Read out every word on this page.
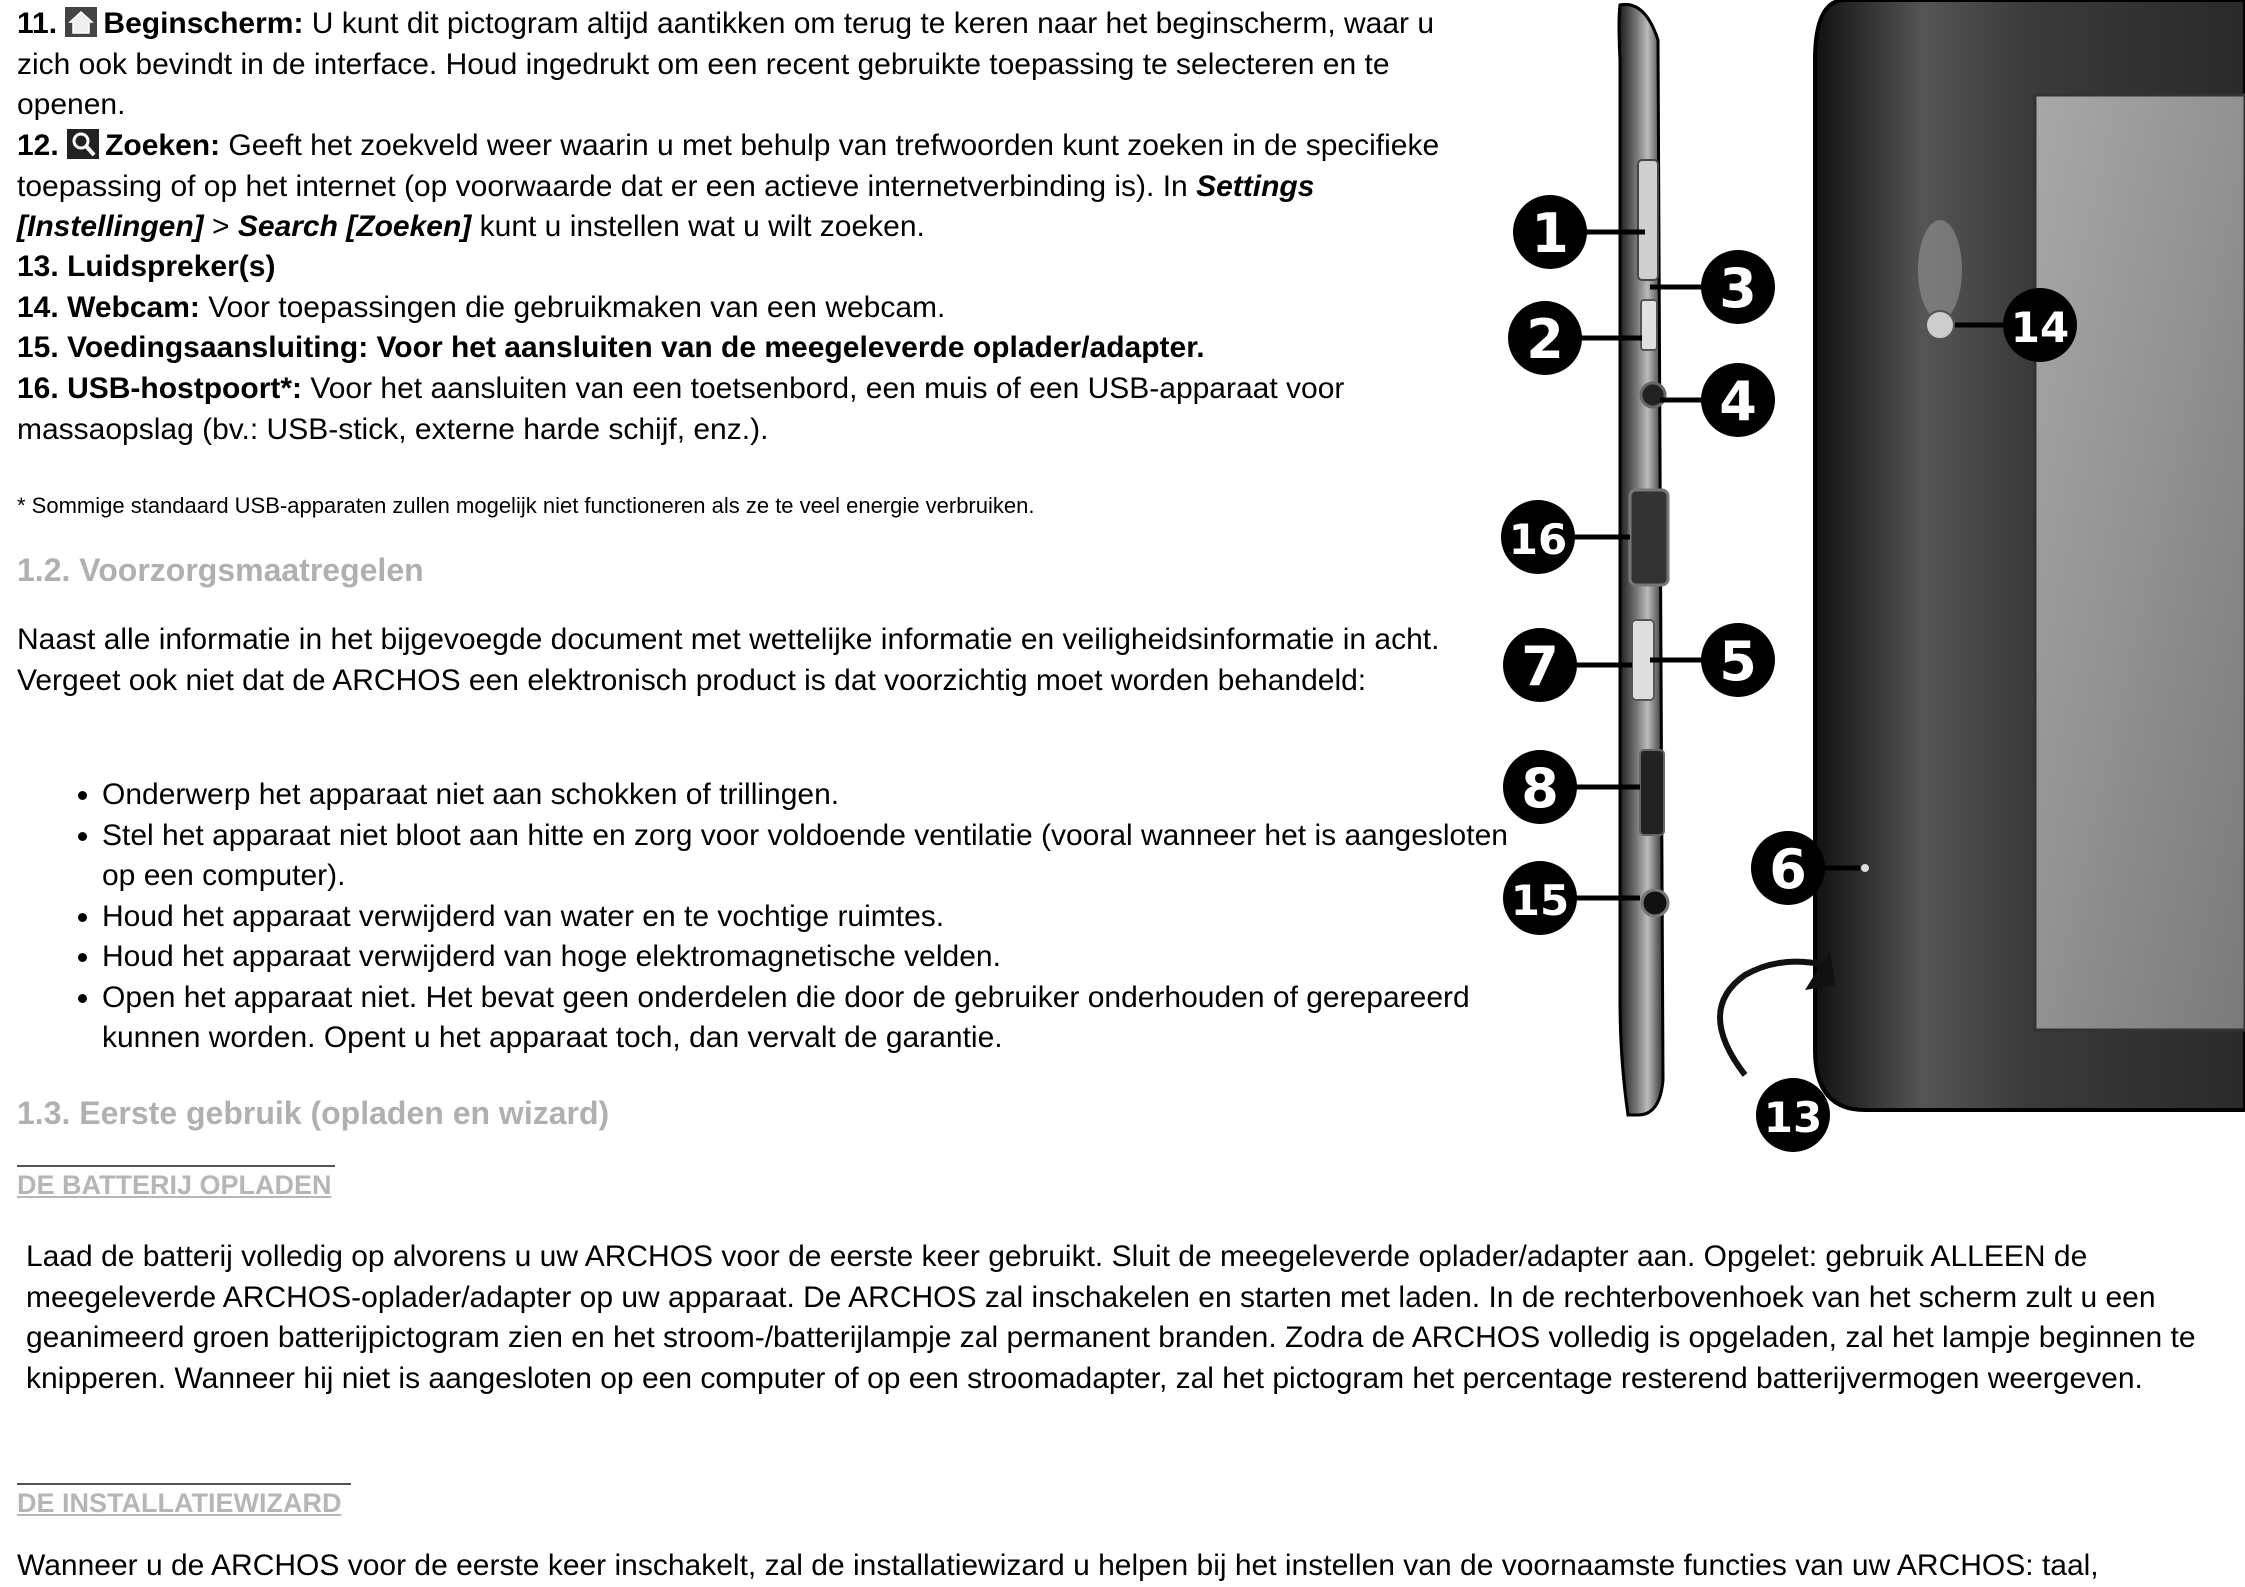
11. Beginscherm: U kunt dit pictogram altijd aantikken om terug te keren naar het beginscherm, waar u zich ook bevindt in de interface. Houd ingedrukt om een recent gebruikte toepassing te selecteren en te openen.

12. Zoeken: Geeft het zoekveld weer waarin u met behulp van trefwoorden kunt zoeken in de specifieke toepassing of op het internet (op voorwaarde dat er een actieve internetverbinding is). In Settings [Instellingen] > Search [Zoeken] kunt u instellen wat u wilt zoeken.

13. Luidspreker(s)

14. Webcam: Voor toepassingen die gebruikmaken van een webcam.

15. Voedingsaansluiting: Voor het aansluiten van de meegeleverde oplader/adapter.

16. USB-hostpoort*: Voor het aansluiten van een toetsenbord, een muis of een USB-apparaat voor massaopslag (bv.: USB-stick, externe harde schijf, enz.).

* Sommige standaard USB-apparaten zullen mogelijk niet functioneren als ze te veel energie verbruiken.

1.2. Voorzorgsmaatregelen

Naast alle informatie in het bijgevoegde document met wettelijke informatie en veiligheidsinformatie in acht. Vergeet ook niet dat de ARCHOS een elektronisch product is dat voorzichtig moet worden behandeld:

• Onderwerp het apparaat niet aan schokken of trillingen.
• Stel het apparaat niet bloot aan hitte en zorg voor voldoende ventilatie (vooral wanneer het is aangesloten op een computer).
• Houd het apparaat verwijderd van water en te vochtige ruimtes.
• Houd het apparaat verwijderd van hoge elektromagnetische velden.
• Open het apparaat niet. Het bevat geen onderdelen die door de gebruiker onderhouden of gerepareerd kunnen worden. Opent u het apparaat toch, dan vervalt de garantie.
1.3. Eerste gebruik (opladen en wizard)

DE BATTERIJ OPLADEN

Laad de batterij volledig op alvorens u uw ARCHOS voor de eerste keer gebruikt. Sluit de meegeleverde oplader/adapter aan. Opgelet: gebruik ALLEEN de meegeleverde ARCHOS-oplader/adapter op uw apparaat. De ARCHOS zal inschakelen en starten met laden. In de rechterbovenhoek van het scherm zult u een geanimeerd groen batterijpictogram zien en het stroom-/batterijlampje zal permanent branden. Zodra de ARCHOS volledig is opgeladen, zal het lampje beginnen te knipperen. Wanneer hij niet is aangesloten op een computer of op een stroomadapter, zal het pictogram het percentage resterend batterijvermogen weergeven.

DE INSTALLATIEWIZARD

Wanneer u de ARCHOS voor de eerste keer inschakelt, zal de installatiewizard u helpen bij het instellen van de voornaamste functies van uw ARCHOS: taal,

1
2
3
4
5
6
7
8
13
14
15
16
